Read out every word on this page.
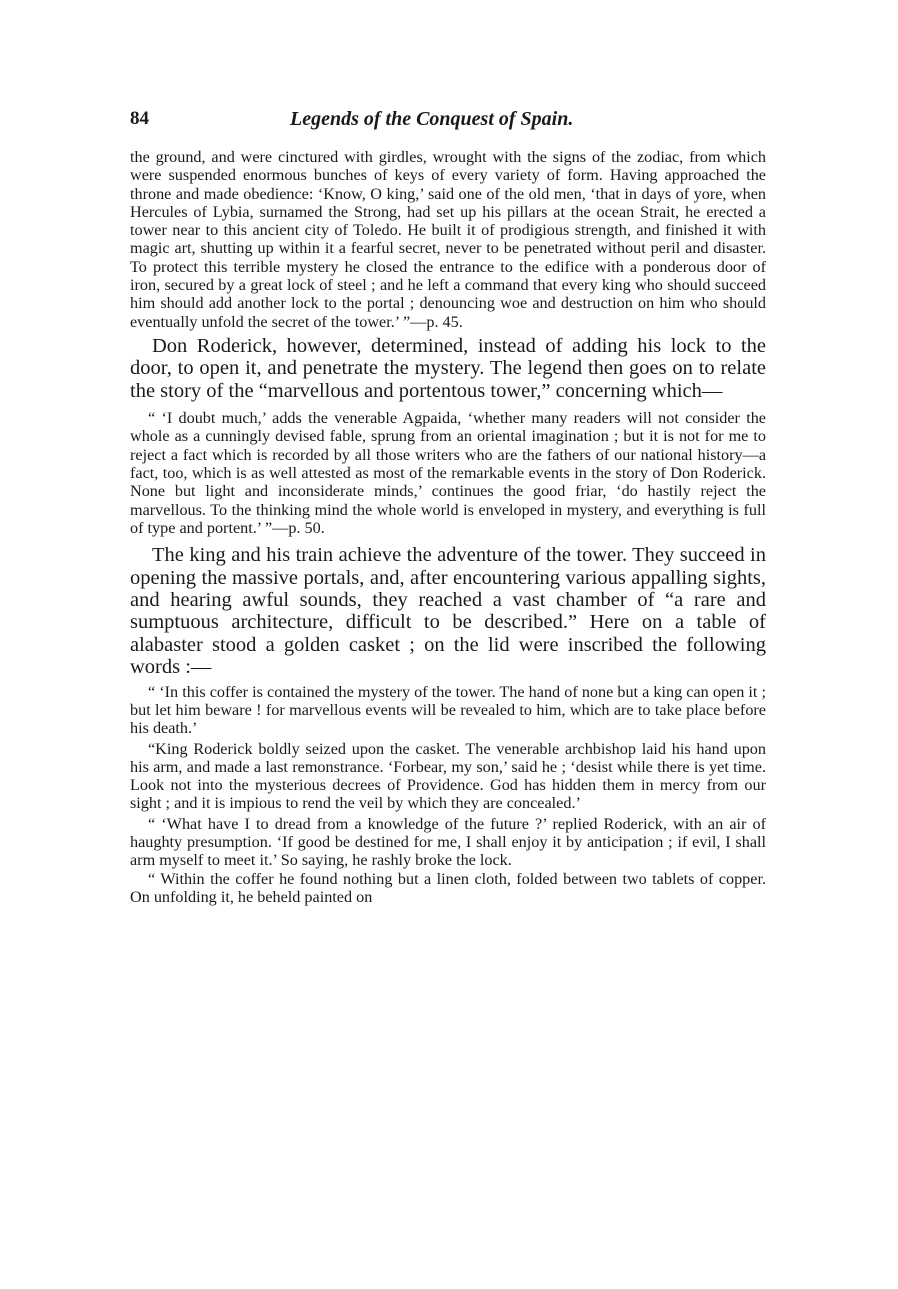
84	Legends of the Conquest of Spain.

the ground, and were cinctured with girdles, wrought with the signs of the zodiac, from which were suspended enormous bunches of keys of every variety of form. Having approached the throne and made obedience: ‘Know, O king,’ said one of the old men, ‘that in days of yore, when Hercules of Lybia, surnamed the Strong, had set up his pillars at the ocean Strait, he erected a tower near to this ancient city of Toledo. He built it of prodigious strength, and finished it with magic art, shutting up within it a fearful secret, never to be penetrated without peril and disaster. To protect this terrible mystery he closed the entrance to the edifice with a ponderous door of iron, secured by a great lock of steel ; and he left a command that every king who should succeed him should add another lock to the portal ; denouncing woe and destruction on him who should eventually unfold the secret of the tower.’ ”—p. 45.

Don Roderick, however, determined, instead of adding his lock to the door, to open it, and penetrate the mystery. The legend then goes on to relate the story of the “marvellous and portentous tower,” concerning which—

“ ‘I doubt much,’ adds the venerable Agpaida, ‘whether many readers will not consider the whole as a cunningly devised fable, sprung from an oriental imagination ; but it is not for me to reject a fact which is recorded by all those writers who are the fathers of our national history—a fact, too, which is as well attested as most of the remarkable events in the story of Don Roderick. None but light and inconsiderate minds,’ continues the good friar, ‘do hastily reject the marvellous. To the thinking mind the whole world is enveloped in mystery, and everything is full of type and portent.’ ”—p. 50.

The king and his train achieve the adventure of the tower. They succeed in opening the massive portals, and, after encountering various appalling sights, and hearing awful sounds, they reached a vast chamber of “a rare and sumptuous architecture, difficult to be described.” Here on a table of alabaster stood a golden casket ; on the lid were inscribed the following words :—

“ ‘In this coffer is contained the mystery of the tower. The hand of none but a king can open it ; but let him beware ! for marvellous events will be revealed to him, which are to take place before his death.’

“King Roderick boldly seized upon the casket. The venerable archbishop laid his hand upon his arm, and made a last remonstrance. ‘Forbear, my son,’ said he ; ‘desist while there is yet time. Look not into the mysterious decrees of Providence. God has hidden them in mercy from our sight ; and it is impious to rend the veil by which they are concealed.’

“ ‘What have I to dread from a knowledge of the future ?’ replied Roderick, with an air of haughty presumption. ‘If good be destined for me, I shall enjoy it by anticipation ; if evil, I shall arm myself to meet it.’ So saying, he rashly broke the lock.

“ Within the coffer he found nothing but a linen cloth, folded between two tablets of copper. On unfolding it, he beheld painted on
